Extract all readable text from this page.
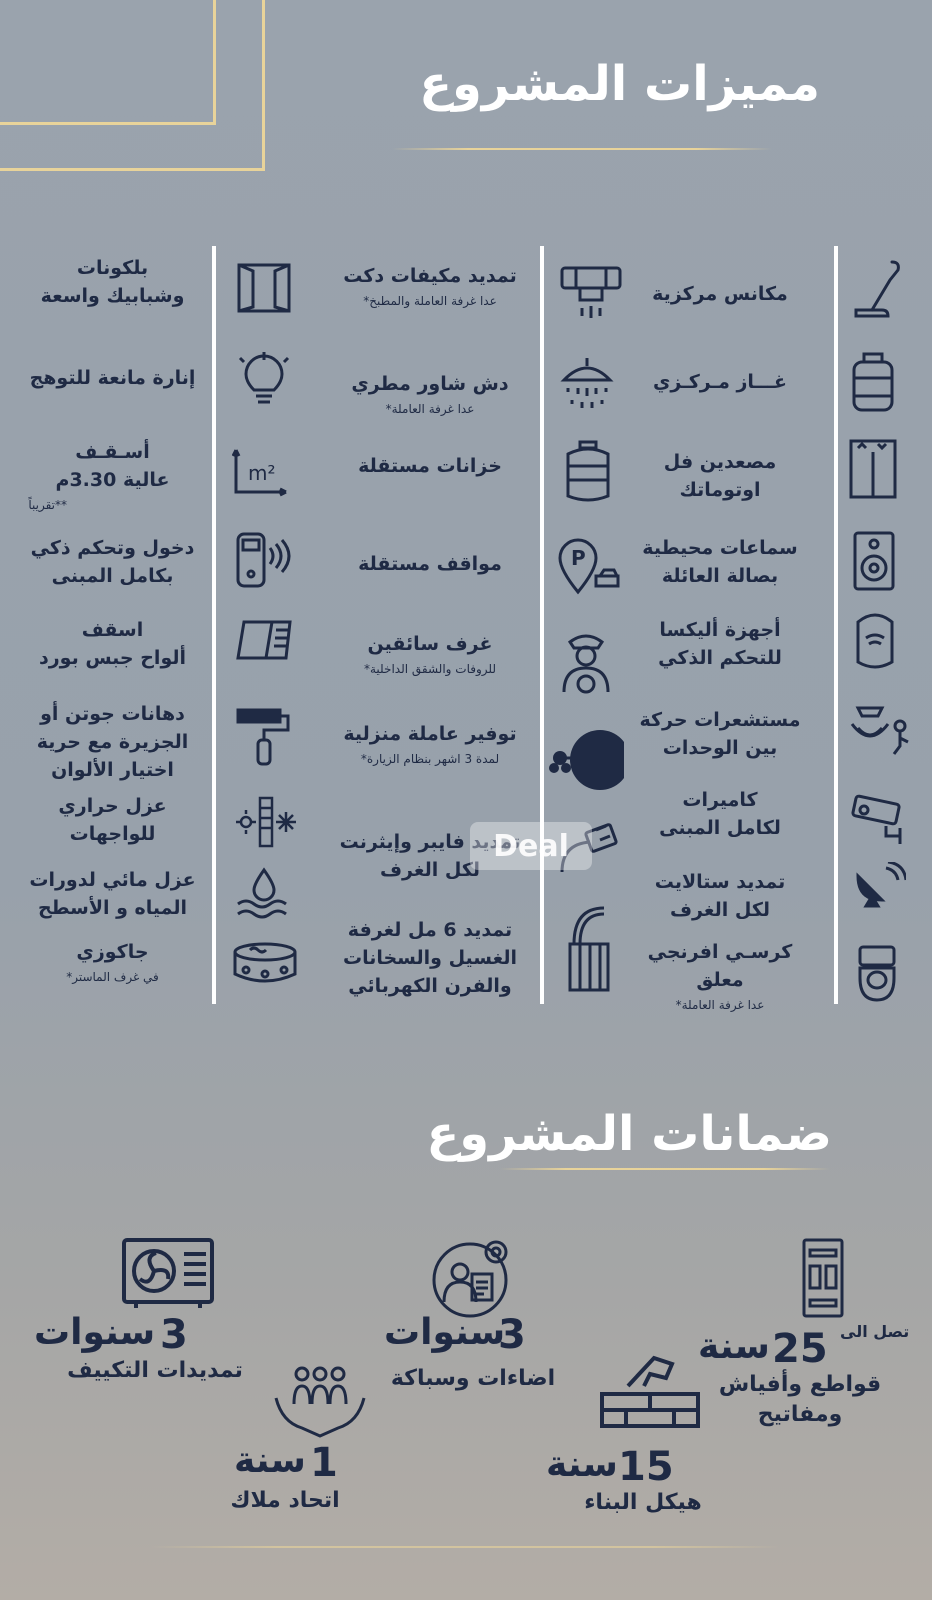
مميزات المشروع
مكانس مركزية
غـــاز مـركـزي
مصعدين فل
اوتوماتك
سماعات محيطية
بصالة العائلة
أجهزة أليكسا
للتحكم الذكي
مستشعرات حركة
بين الوحدات
كاميرات
لكامل المبنى
تمديد ستالايت
لكل الغرف
كرسـي افرنجي
معلق
عدا غرفة العاملة*
تمديد مكيفات دكت
عدا غرفة العاملة والمطبخ*
دش شاور مطري
عدا غرفة العاملة*
خزانات مستقلة
P
مواقف مستقلة
غرف سائقين
للروفات والشقق الداخلية*
توفير عاملة منزلية
لمدة 3 اشهر بنظام الزيارة*
تمديد فايبر وإيثرنت
لكل الغرف
تمديد 6 مل لغرفة
الغسيل والسخانات
والفرن الكهربائي
بلكونات
وشبابيك واسعة
إنارة مانعة للتوهج
m²
أسـقـف
عالية 3.30م
**تقريباً
دخول وتحكم ذكي
بكامل المبنى
اسقف
ألواح جبس بورد
دهانات جوتن أو
الجزيرة مع حرية
اختيار الألوان
عزل حراري
للواجهات
عزل مائي لدورات
المياه و الأسطح
جاكوزي
في غرف الماستر*
Deal
ضمانات المشروع
3
سنوات
تمديدات التكييف
3
سنوات
اضاءات وسباكة
تصل الى
25
سنة
قواطع وأفياش
ومفاتيح
1
سنة
اتحاد ملاك
15
سنة
هيكل البناء
